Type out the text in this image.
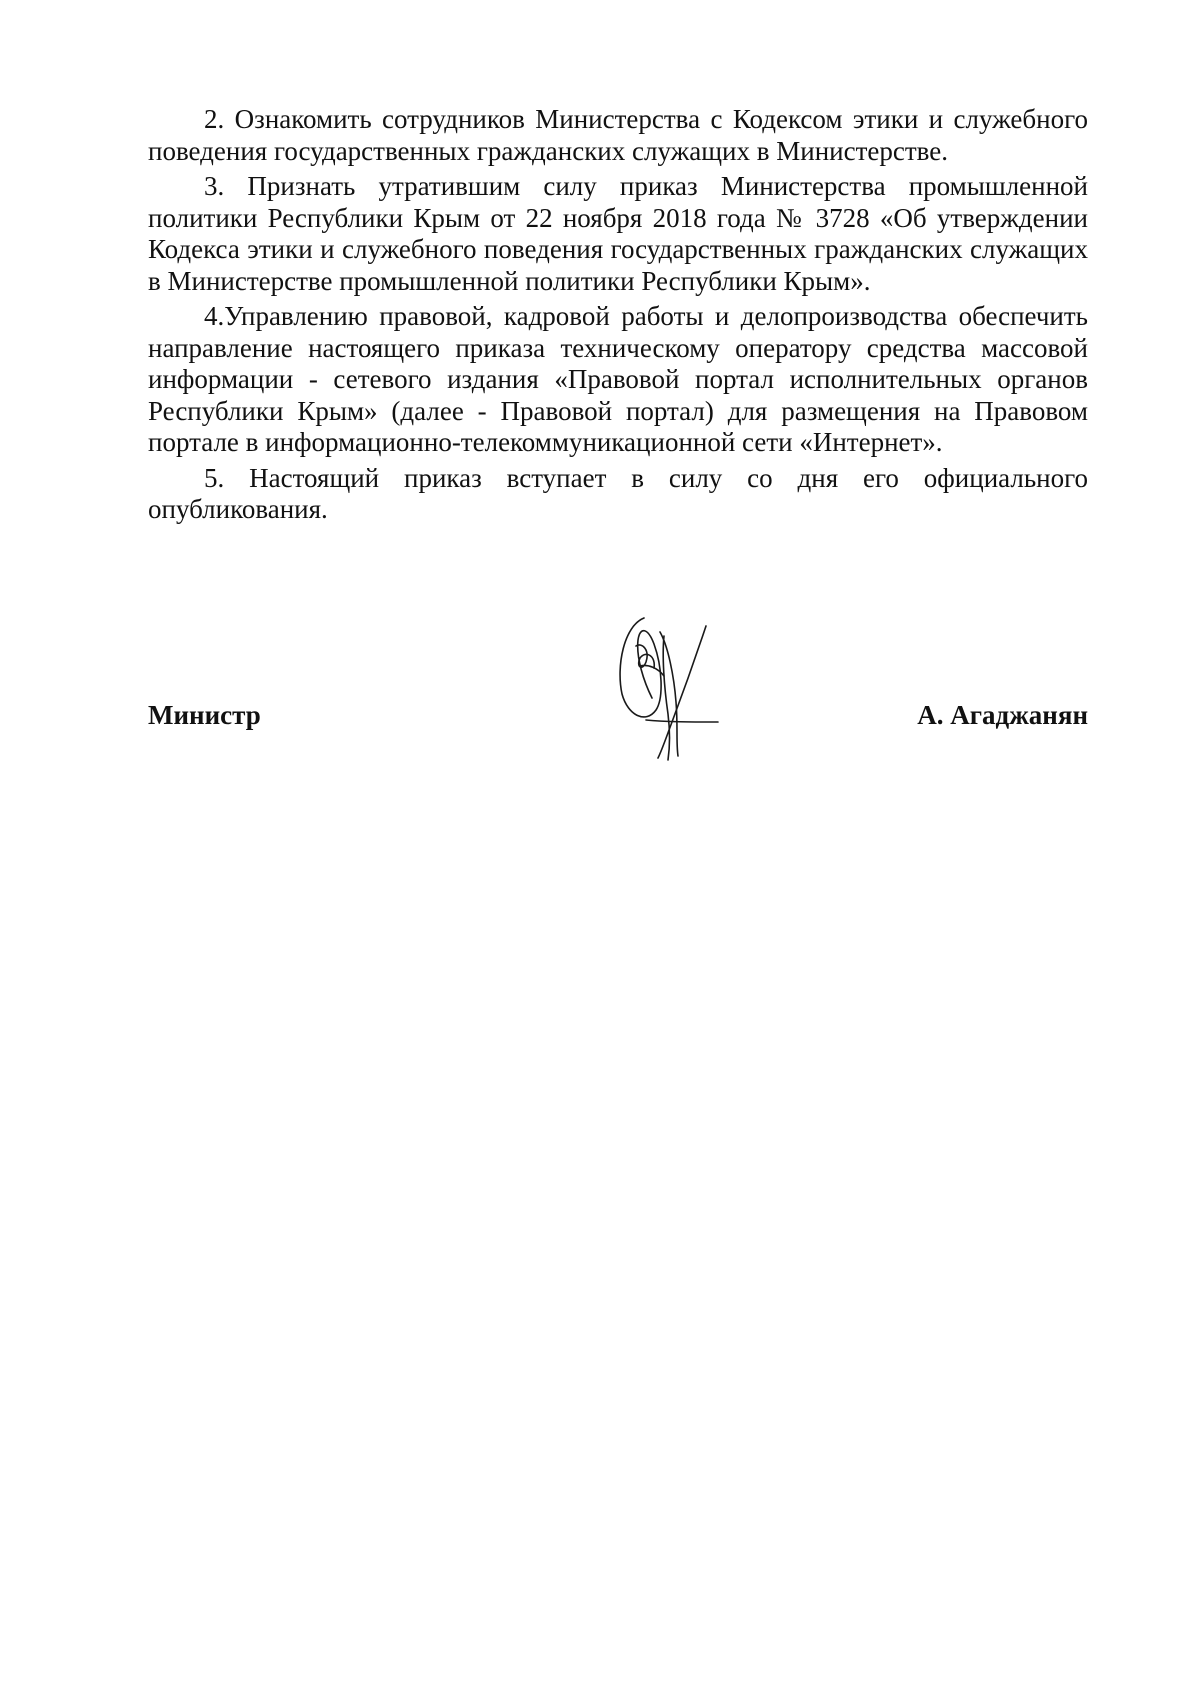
2. Ознакомить сотрудников Министерства с Кодексом этики и служебного поведения государственных гражданских служащих в Министерстве.

3. Признать утратившим силу приказ Министерства промышленной политики Республики Крым от 22 ноября 2018 года № 3728 «Об утверждении Кодекса этики и служебного поведения государственных гражданских служащих в Министерстве промышленной политики Республики Крым».

4.Управлению правовой, кадровой работы и делопроизводства обеспечить направление настоящего приказа техническому оператору средства массовой информации - сетевого издания «Правовой портал исполнительных органов Республики Крым» (далее - Правовой портал) для размещения на Правовом портале в информационно-телекоммуникационной сети «Интернет».

5. Настоящий приказ вступает в силу со дня его официального опубликования.

Министр	А. Агаджанян
